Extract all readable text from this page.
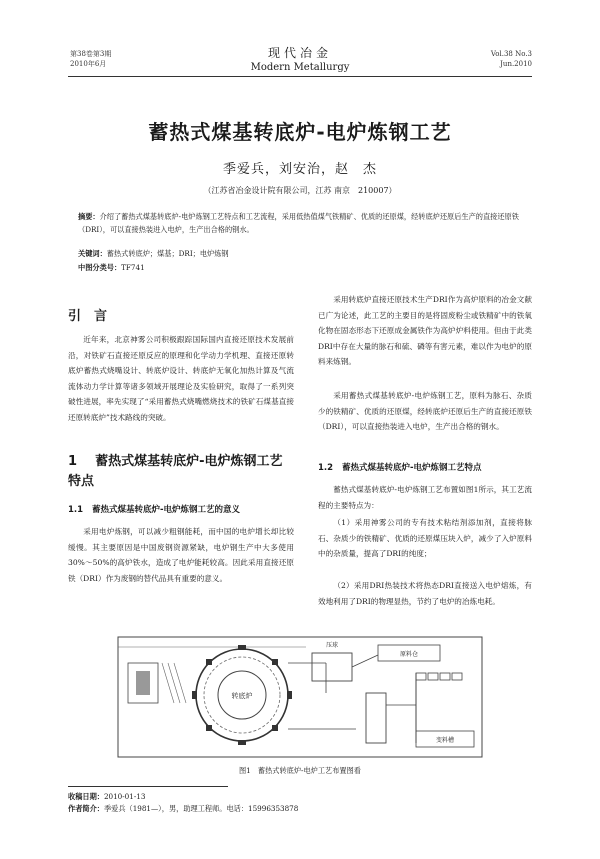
第38卷第3期
2010年6月
现代冶金
Modern Metallurgy
Vol.38 No.3
Jun.2010
蓄热式煤基转底炉-电炉炼钢工艺
季爱兵，刘安治，赵　杰
（江苏省冶金设计院有限公司，江苏 南京　210007）
摘要：介绍了蓄热式煤基转底炉-电炉炼钢工艺特点和工艺流程，采用低热值煤气铁精矿、优质的还原煤，经转底炉还原后生产的直接还原铁（DRI），可以直接热装进入电炉，生产出合格的钢水。
关键词：蓄热式转底炉；煤基；DRI；电炉炼钢
中图分类号：TF741
引　言

近年来，北京神雾公司积极跟踪国际国内直接还原技术发展前沿，对铁矿石直接还原反应的原理和化学动力学机理、直接还原转底炉蓄热式烧嘴设计、转底炉设计、转底炉无氧化加热计算及气流流体动力学计算等诸多领域开展理论及实验研究，取得了一系列突破性进展，率先实现了“采用蓄热式烧嘴燃烧技术的铁矿石煤基直接还原转底炉”技术路线的突破。

1 蓄热式煤基转底炉-电炉炼钢工艺特点
1.1 蓄热式煤基转底炉-电炉炼钢工艺的意义

采用电炉炼钢，可以减少粗钢能耗，而中国的电炉增长却比较缓慢。其主要原因是中国废钢资源紧缺，电炉钢生产中大多使用30%～50%的高炉铁水，造成了电炉能耗较高。因此采用直接还原铁（DRI）作为废钢的替代品具有重要的意义。

采用转底炉直接还原技术生产DRI作为高炉原料的冶金文献已广为论述，此工艺的主要目的是将固废粉尘或铁精矿中的铁氧化物在固态形态下还原成金属铁作为高炉炉料使用。但由于此类DRI中存在大量的脉石和硫、磷等有害元素，难以作为电炉的原料来炼钢。

采用蓄热式煤基转底炉-电炉炼钢工艺，原料为脉石、杂质少的铁精矿、优质的还原煤，经转底炉还原后生产的直接还原铁（DRI），可以直接热装进入电炉，生产出合格的钢水。

1.2 蓄热式煤基转底炉-电炉炼钢工艺特点

蓄热式煤基转底炉-电炉炼钢工艺布置如图1所示，其工艺流程的主要特点为：

（1）采用神雾公司的专有技术粘结剂添加剂，直接将脉石、杂质少的铁精矿、优质的还原煤压块入炉，减少了入炉原料中的杂质量，提高了DRI的纯度；

（2）采用DRI热装技术将热态DRI直接送入电炉熔炼，有效地利用了DRI的物理显热，节约了电炉的冶炼电耗。

转底炉
压球
原料仓
变料槽
图1　蓄热式转底炉-电炉工艺布置图看
收稿日期：2010-01-13
作者简介：季爱兵（1981—），男，助理工程师。电话：15996353878
